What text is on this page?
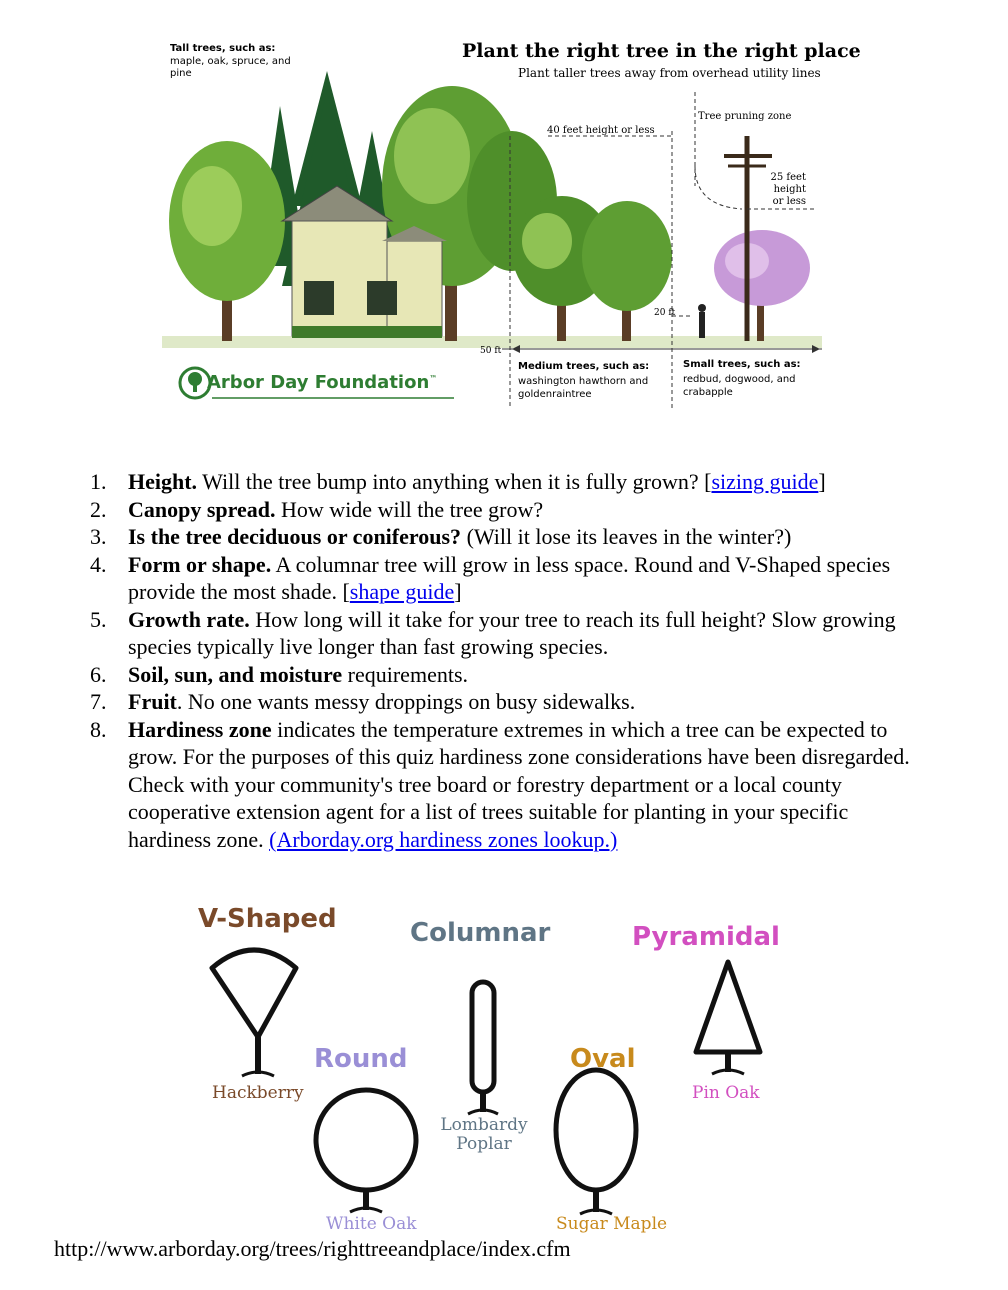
Tall trees, such as:
maple, oak, spruce, and pine
Plant the right tree in the right place
Plant taller trees away from overhead utility lines
Tree pruning zone
40 feet height or less
25 feet height or less
20 ft
50 ft
Medium trees, such as:
washington hawthorn and goldenraintree
Small trees, such as:
redbud, dogwood, and crabapple
Arbor Day Foundation™
1. Height. Will the tree bump into anything when it is fully grown? [sizing guide]
2. Canopy spread. How wide will the tree grow?
3. Is the tree deciduous or coniferous? (Will it lose its leaves in the winter?)
4. Form or shape. A columnar tree will grow in less space. Round and V-Shaped species provide the most shade. [shape guide]
5. Growth rate. How long will it take for your tree to reach its full height? Slow growing species typically live longer than fast growing species.
6. Soil, sun, and moisture requirements.
7. Fruit. No one wants messy droppings on busy sidewalks.
8. Hardiness zone indicates the temperature extremes in which a tree can be expected to grow. For the purposes of this quiz hardiness zone considerations have been disregarded. Check with your community's tree board or forestry department or a local county cooperative extension agent for a list of trees suitable for planting in your specific hardiness zone. (Arborday.org hardiness zones lookup.)
V-Shaped
Hackberry
Round
White Oak
Columnar
Lombardy
Poplar
Oval
Sugar Maple
Pyramidal
Pin Oak
http://www.arborday.org/trees/righttreeandplace/index.cfm
